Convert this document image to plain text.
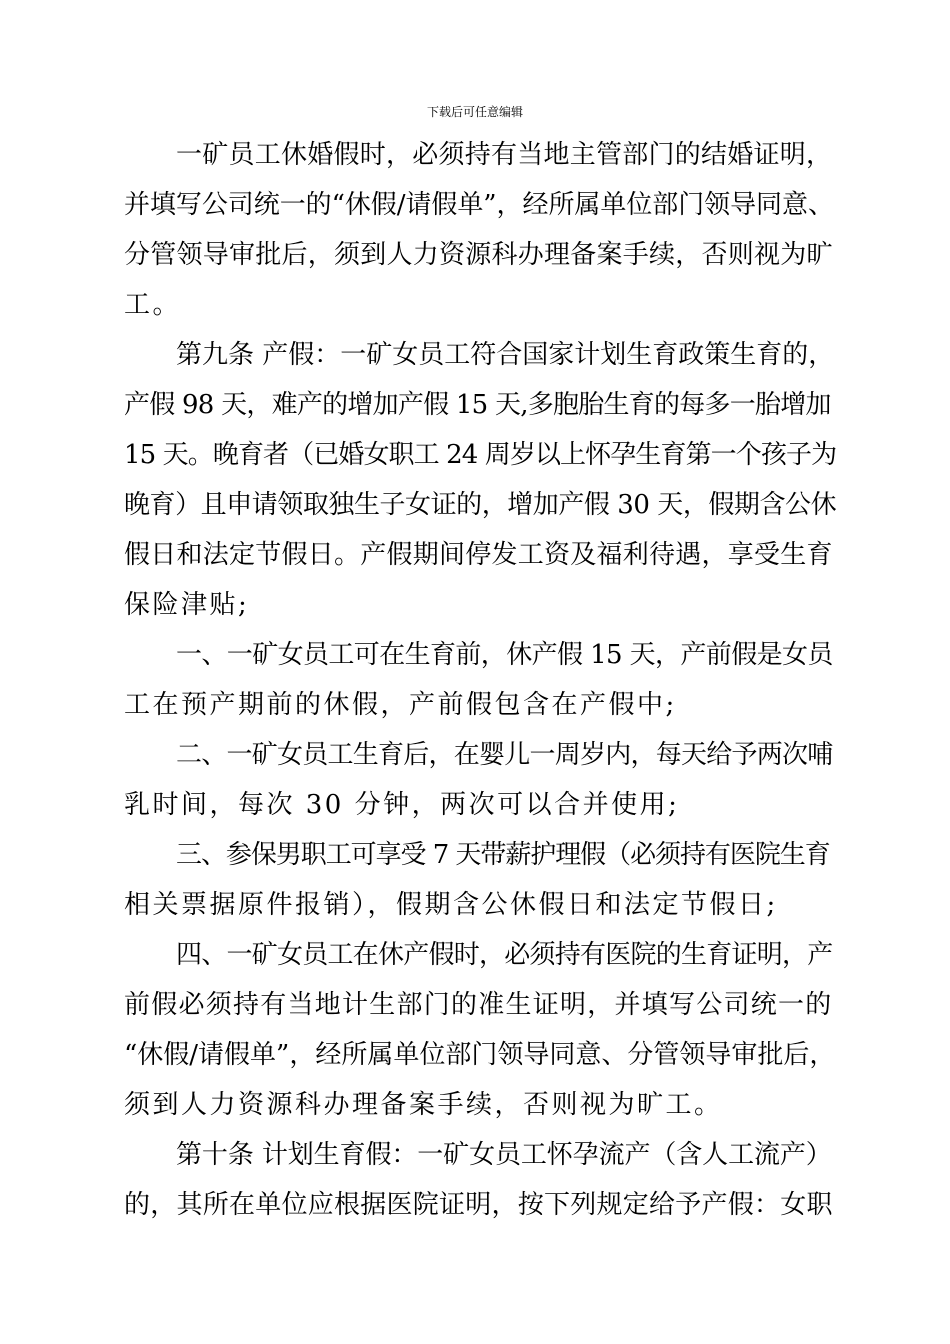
下载后可任意编辑
一矿员工休婚假时，必须持有当地主管部门的结婚证明，
并填写公司统一的“休假/请假单”，经所属单位部门领导同意、
分管领导审批后，须到人力资源科办理备案手续，否则视为旷
工。
第九条 产假：一矿女员工符合国家计划生育政策生育的，
产假 98 天，难产的增加产假 15 天,多胞胎生育的每多一胎增加
15 天。晚育者（已婚女职工 24 周岁以上怀孕生育第一个孩子为
晚育）且申请领取独生子女证的，增加产假 30 天，假期含公休
假日和法定节假日。产假期间停发工资及福利待遇，享受生育
保险津贴;
一、一矿女员工可在生育前，休产假 15 天，产前假是女员
工在预产期前的休假，产前假包含在产假中;
二、一矿女员工生育后，在婴儿一周岁内，每天给予两次哺
乳时间，每次 30 分钟，两次可以合并使用;
三、参保男职工可享受 7 天带薪护理假（必须持有医院生育
相关票据原件报销），假期含公休假日和法定节假日;
四、一矿女员工在休产假时，必须持有医院的生育证明，产
前假必须持有当地计生部门的准生证明，并填写公司统一的
“休假/请假单”，经所属单位部门领导同意、分管领导审批后，
须到人力资源科办理备案手续，否则视为旷工。
第十条 计划生育假：一矿女员工怀孕流产（含人工流产）
的，其所在单位应根据医院证明，按下列规定给予产假：女职
